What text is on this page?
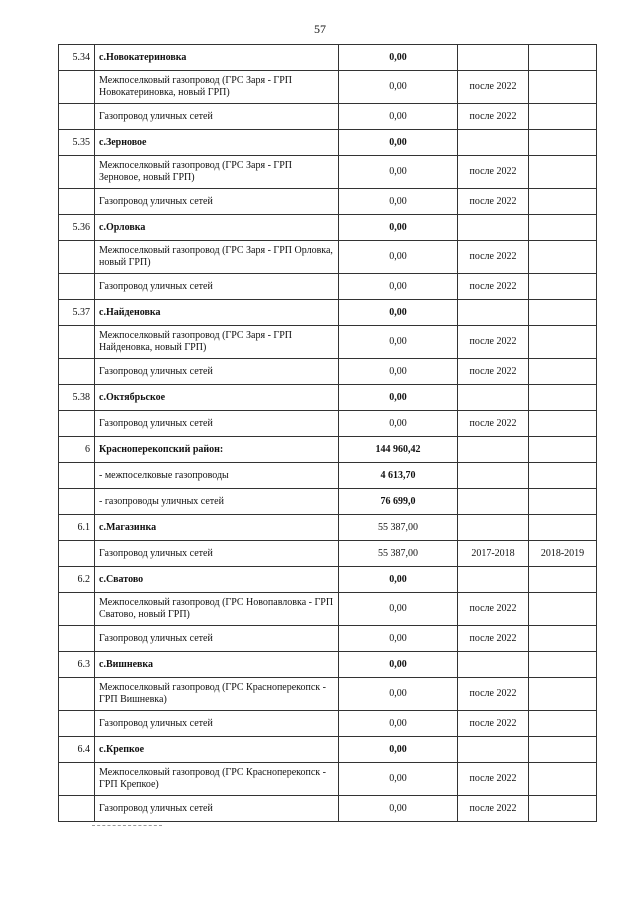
57
5.34	с.Новокатериновка	0,00		
	Межпоселковый газопровод (ГРС Заря - ГРП Новокатериновка, новый ГРП)	0,00	после 2022	
	Газопровод уличных сетей	0,00	после 2022	
5.35	с.Зерновое	0,00		
	Межпоселковый газопровод (ГРС Заря - ГРП Зерновое, новый ГРП)	0,00	после 2022	
	Газопровод уличных сетей	0,00	после 2022	
5.36	с.Орловка	0,00		
	Межпоселковый газопровод (ГРС Заря - ГРП Орловка, новый ГРП)	0,00	после 2022	
	Газопровод уличных сетей	0,00	после 2022	
5.37	с.Найденовка	0,00		
	Межпоселковый газопровод (ГРС Заря - ГРП Найденовка, новый ГРП)	0,00	после 2022	
	Газопровод уличных сетей	0,00	после 2022	
5.38	с.Октябрьское	0,00		
	Газопровод уличных сетей	0,00	после 2022	
6	Красноперекопский район:	144 960,42		
	- межпоселковые газопроводы	4 613,70		
	- газопроводы уличных сетей	76 699,0		
6.1	с.Магазинка	55 387,00		
	Газопровод уличных сетей	55 387,00	2017-2018	2018-2019
6.2	с.Сватово	0,00		
	Межпоселковый газопровод (ГРС Новопавловка - ГРП Сватово, новый ГРП)	0,00	после 2022	
	Газопровод уличных сетей	0,00	после 2022	
6.3	с.Вишневка	0,00		
	Межпоселковый газопровод (ГРС Красноперекопск - ГРП Вишневка)	0,00	после 2022	
	Газопровод уличных сетей	0,00	после 2022	
6.4	с.Крепкое	0,00		
	Межпоселковый газопровод (ГРС Красноперекопск - ГРП Крепкое)	0,00	после 2022	
	Газопровод уличных сетей	0,00	после 2022	
